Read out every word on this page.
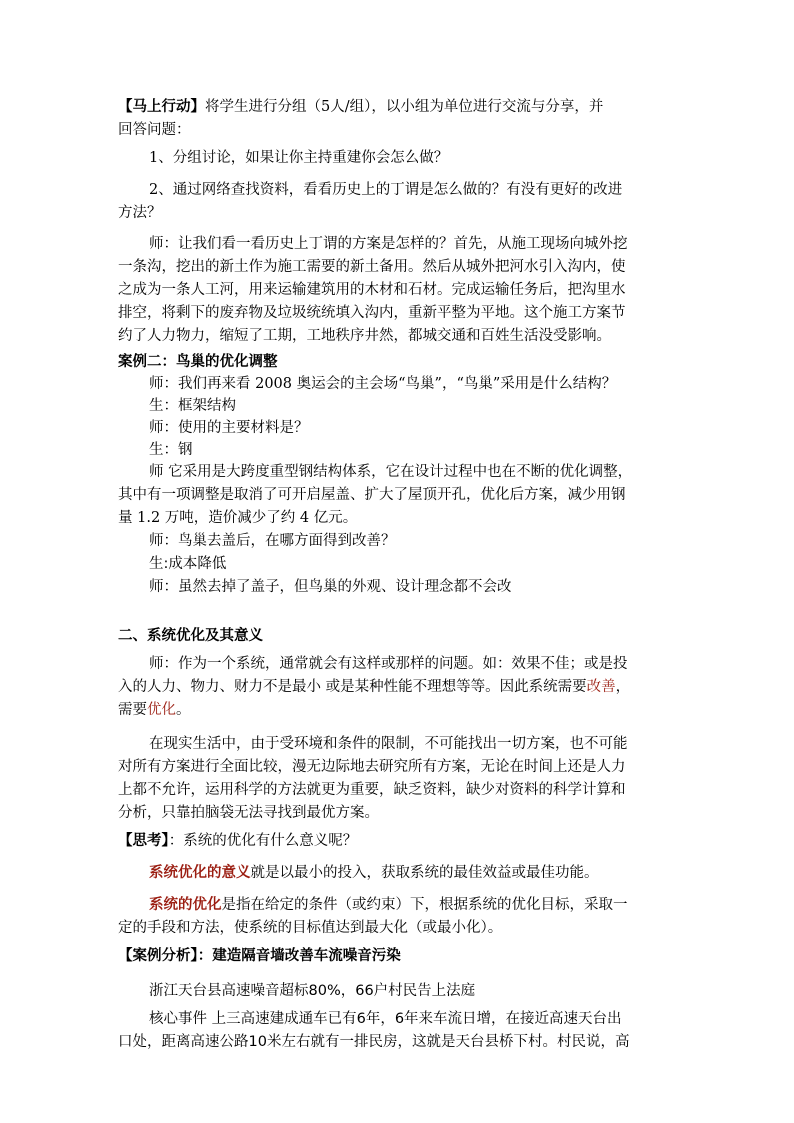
【马上行动】将学生进行分组（5人/组），以小组为单位进行交流与分享，并

回答问题：

1、分组讨论，如果让你主持重建你会怎么做？

2、通过网络查找资料，看看历史上的丁谓是怎么做的？有没有更好的改进

方法？

师：让我们看一看历史上丁谓的方案是怎样的？首先，从施工现场向城外挖

一条沟，挖出的新土作为施工需要的新土备用。然后从城外把河水引入沟内，使

之成为一条人工河，用来运输建筑用的木材和石材。完成运输任务后，把沟里水

排空，将剩下的废弃物及垃圾统统填入沟内，重新平整为平地。这个施工方案节

约了人力物力，缩短了工期，工地秩序井然，都城交通和百姓生活没受影响。

案例二：鸟巢的优化调整

师：我们再来看 2008 奥运会的主会场“鸟巢”，“鸟巢”采用是什么结构？

生：框架结构

师：使用的主要材料是？

生：钢

师 它采用是大跨度重型钢结构体系，它在设计过程中也在不断的优化调整，

其中有一项调整是取消了可开启屋盖、扩大了屋顶开孔，优化后方案，减少用钢

量 1.2 万吨，造价减少了约 4 亿元。

师：鸟巢去盖后，在哪方面得到改善？

生:成本降低

师：虽然去掉了盖子，但鸟巢的外观、设计理念都不会改

二、系统优化及其意义

师：作为一个系统，通常就会有这样或那样的问题。如：效果不佳；或是投

入的人力、物力、财力不是最小 或是某种性能不理想等等。因此系统需要改善，

需要优化。

在现实生活中，由于受环境和条件的限制，不可能找出一切方案，也不可能

对所有方案进行全面比较，漫无边际地去研究所有方案，无论在时间上还是人力

上都不允许，运用科学的方法就更为重要，缺乏资料，缺少对资料的科学计算和

分析，只靠拍脑袋无法寻找到最优方案。

【思考】：系统的优化有什么意义呢？

系统优化的意义就是以最小的投入，获取系统的最佳效益或最佳功能。

系统的优化是指在给定的条件（或约束）下，根据系统的优化目标，采取一

定的手段和方法，使系统的目标值达到最大化（或最小化）。

【案例分析】：建造隔音墙改善车流噪音污染

浙江天台县高速噪音超标80%，66户村民告上法庭

核心事件 上三高速建成通车已有6年，6年来车流日增，在接近高速天台出

口处，距离高速公路10米左右就有一排民房，这就是天台县桥下村。村民说，高
